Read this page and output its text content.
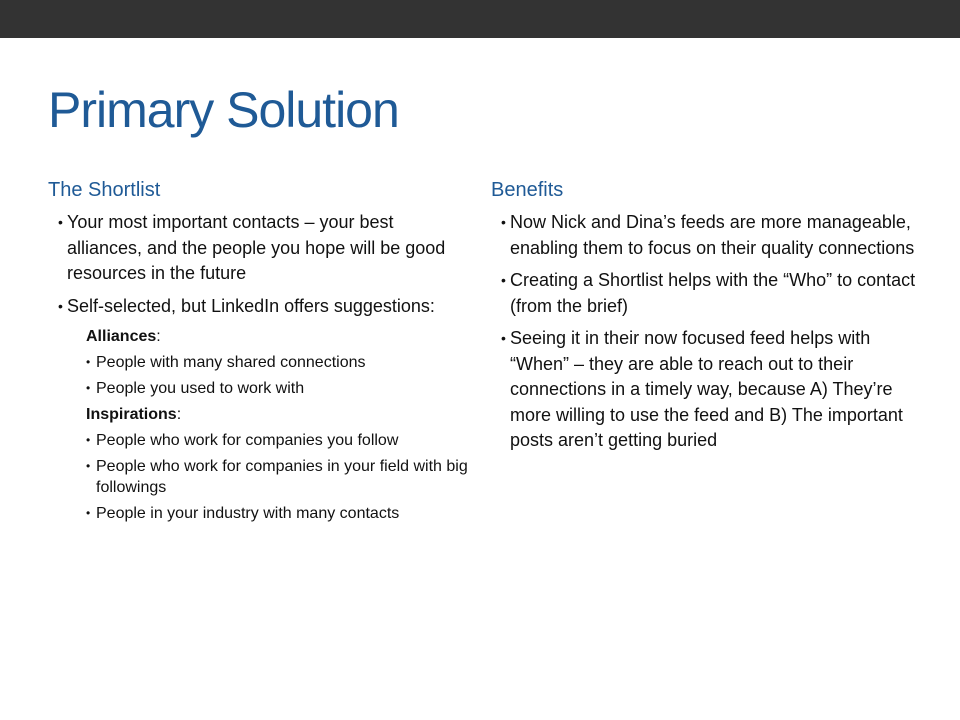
Primary Solution
The Shortlist
• Your most important contacts – your best alliances, and the people you hope will be good resources in the future
• Self-selected, but LinkedIn offers suggestions:
Alliances:
• People with many shared connections
• People you used to work with
Inspirations:
• People who work for companies you follow
• People who work for companies in your field with big followings
• People in your industry with many contacts
Benefits
• Now Nick and Dina’s feeds are more manageable, enabling them to focus on their quality connections
• Creating a Shortlist helps with the “Who” to contact (from the brief)
• Seeing it in their now focused feed helps with “When” – they are able to reach out to their connections in a timely way, because A) They’re more willing to use the feed and B) The important posts aren’t getting buried
